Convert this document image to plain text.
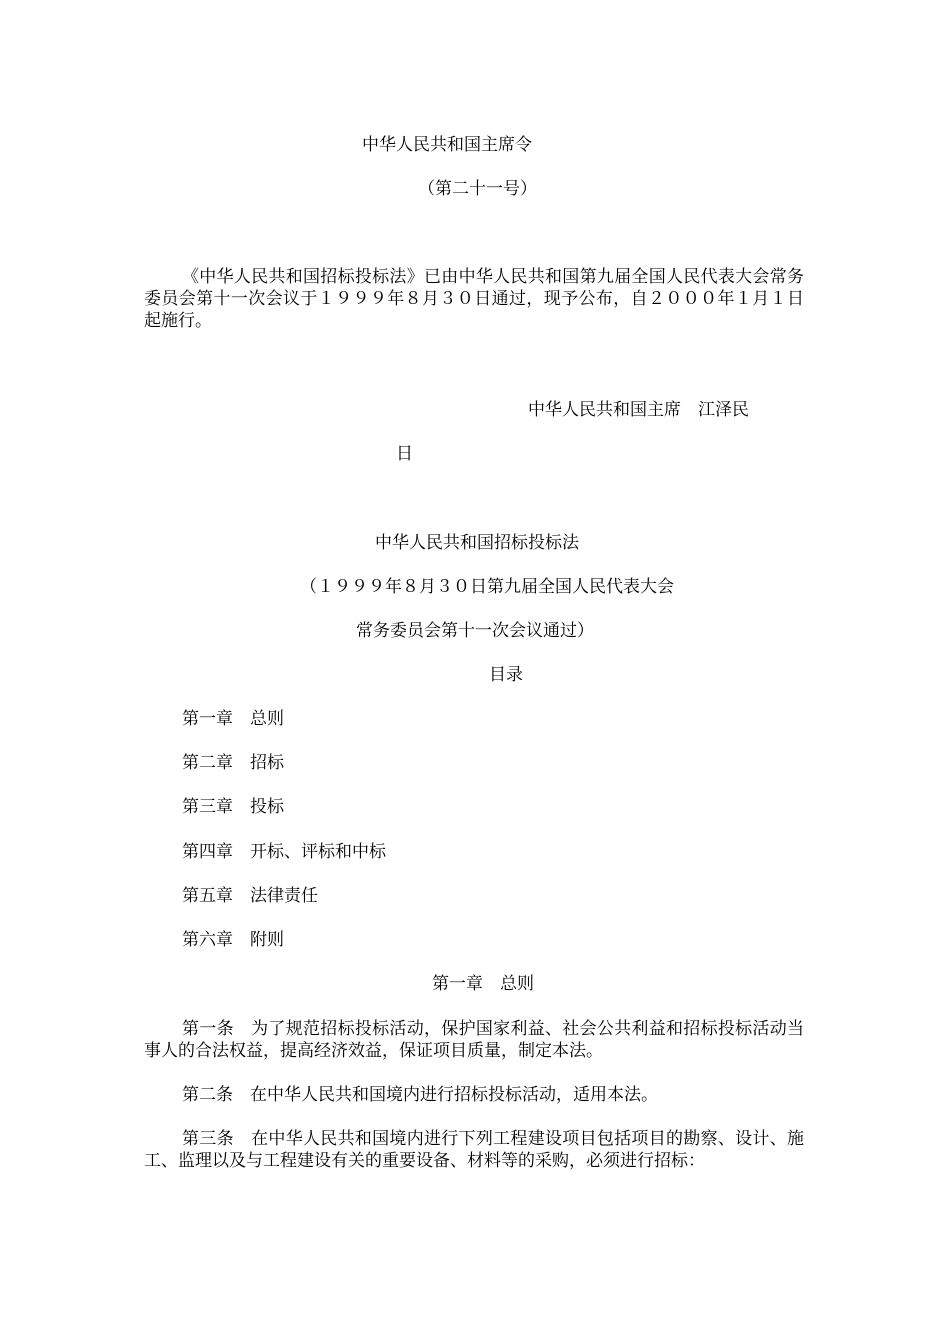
中华人民共和国主席令
（第二十一号）
《中华人民共和国招标投标法》已由中华人民共和国第九届全国人民代表大会常务委员会第十一次会议于１９９９年８月３０日通过，现予公布，自２０００年１月１日起施行。
中华人民共和国主席　江泽民
日
中华人民共和国招标投标法
（１９９９年８月３０日第九届全国人民代表大会
常务委员会第十一次会议通过）
目录
第一章　总则
第二章　招标
第三章　投标
第四章　开标、评标和中标
第五章　法律责任
第六章　附则
第一章　总则
第一条　为了规范招标投标活动，保护国家利益、社会公共利益和招标投标活动当事人的合法权益，提高经济效益，保证项目质量，制定本法。
第二条　在中华人民共和国境内进行招标投标活动，适用本法。
第三条　在中华人民共和国境内进行下列工程建设项目包括项目的勘察、设计、施工、监理以及与工程建设有关的重要设备、材料等的采购，必须进行招标：
